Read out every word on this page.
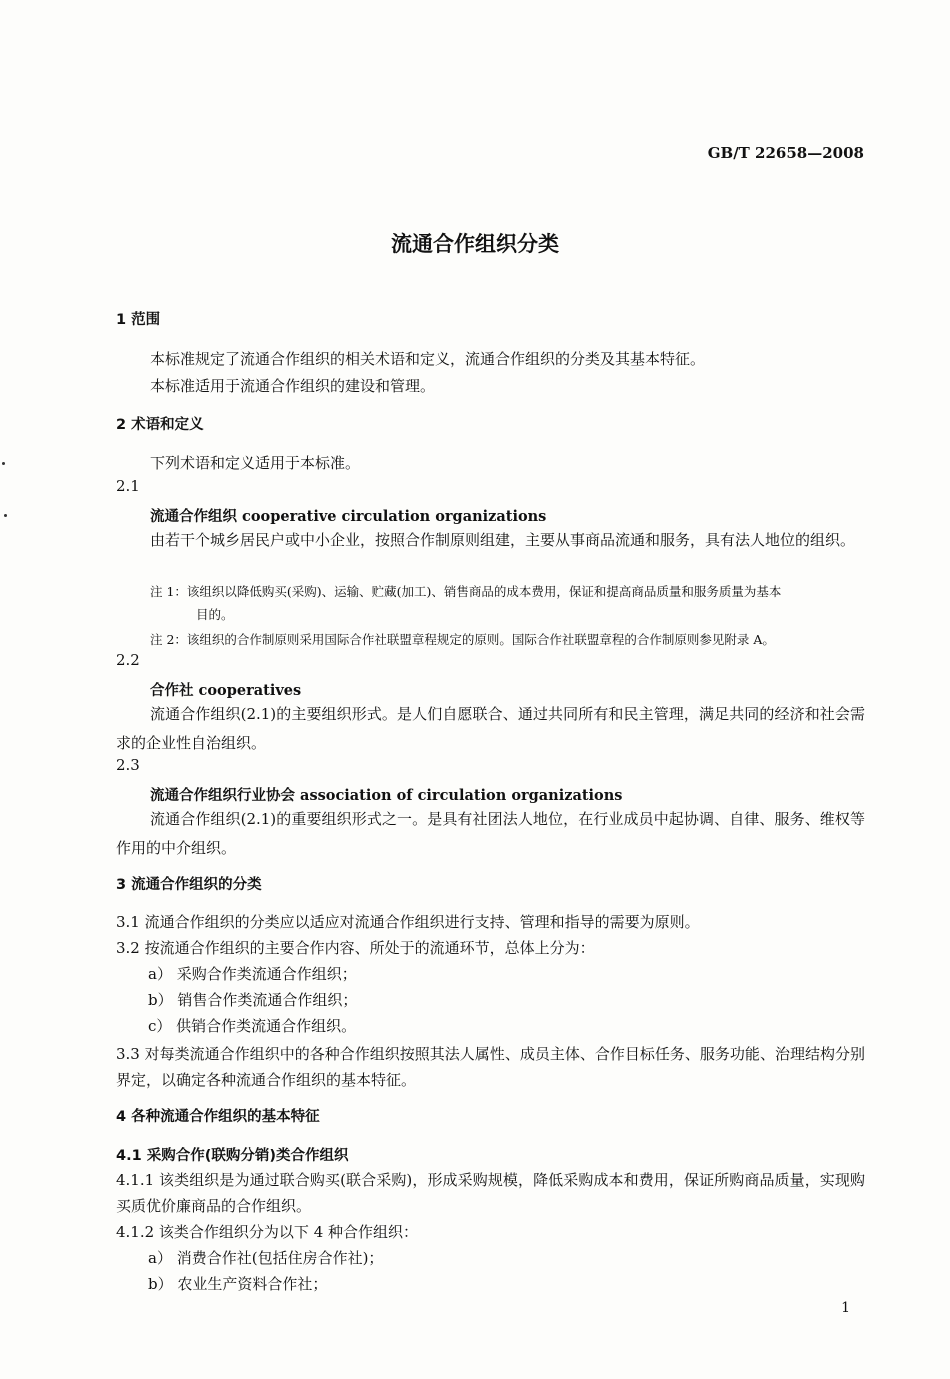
GB/T 22658—2008
流通合作组织分类
1 范围
本标准规定了流通合作组织的相关术语和定义，流通合作组织的分类及其基本特征。
本标准适用于流通合作组织的建设和管理。
2 术语和定义
下列术语和定义适用于本标准。
2.1
流通合作组织 cooperative circulation organizations
由若干个城乡居民户或中小企业，按照合作制原则组建，主要从事商品流通和服务，具有法人地位的组织。
注 1：该组织以降低购买(采购)、运输、贮藏(加工)、销售商品的成本费用，保证和提高商品质量和服务质量为基本
目的。
注 2：该组织的合作制原则采用国际合作社联盟章程规定的原则。国际合作社联盟章程的合作制原则参见附录 A。
2.2
合作社 cooperatives
流通合作组织(2.1)的主要组织形式。是人们自愿联合、通过共同所有和民主管理，满足共同的经济和社会需求的企业性自治组织。
2.3
流通合作组织行业协会 association of circulation organizations
流通合作组织(2.1)的重要组织形式之一。是具有社团法人地位，在行业成员中起协调、自律、服务、维权等作用的中介组织。
3 流通合作组织的分类
3.1 流通合作组织的分类应以适应对流通合作组织进行支持、管理和指导的需要为原则。
3.2 按流通合作组织的主要合作内容、所处于的流通环节，总体上分为：
a） 采购合作类流通合作组织；
b） 销售合作类流通合作组织；
c） 供销合作类流通合作组织。
3.3 对每类流通合作组织中的各种合作组织按照其法人属性、成员主体、合作目标任务、服务功能、治理结构分别界定，以确定各种流通合作组织的基本特征。
4 各种流通合作组织的基本特征
4.1 采购合作(联购分销)类合作组织
4.1.1 该类组织是为通过联合购买(联合采购)，形成采购规模，降低采购成本和费用，保证所购商品质量，实现购买质优价廉商品的合作组织。
4.1.2 该类合作组织分为以下 4 种合作组织：
a） 消费合作社(包括住房合作社)；
b） 农业生产资料合作社；
1
